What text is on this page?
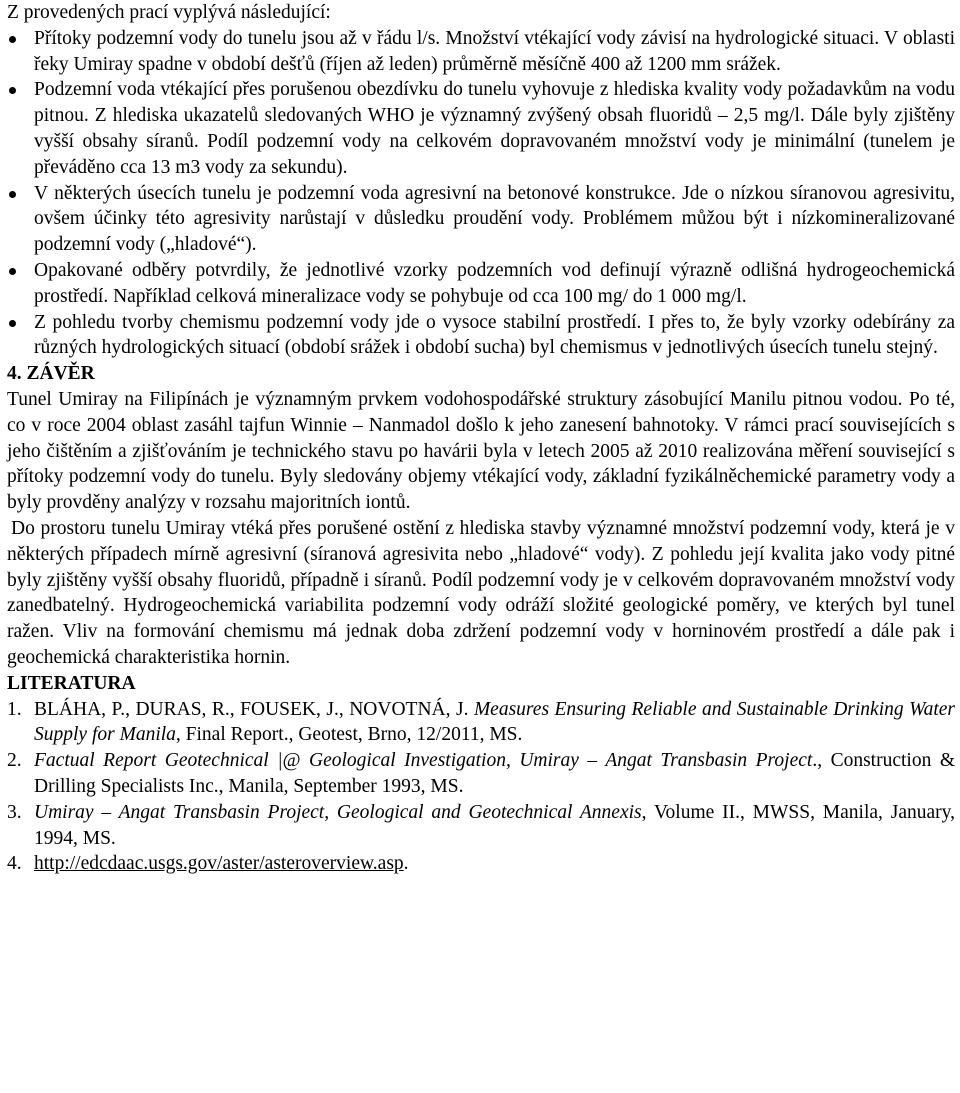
Z provedených prací vyplývá následující:

Přítoky podzemní vody do tunelu jsou až v řádu l/s. Množství vtékající vody závisí na hydrologické situaci. V oblasti řeky Umiray spadne v období dešťů (říjen až leden) průměrně měsíčně 400 až 1200 mm srážek.
Podzemní voda vtékající přes porušenou obezdívku do tunelu vyhovuje z hlediska kvality vody požadavkům na vodu pitnou. Z hlediska ukazatelů sledovaných WHO je významný zvýšený obsah fluoridů – 2,5 mg/l. Dále byly zjištěny vyšší obsahy síranů. Podíl podzemní vody na celkovém dopravovaném množství vody je minimální (tunelem je převáděno cca 13 m3 vody za sekundu).
V některých úsecích tunelu je podzemní voda agresivní na betonové konstrukce. Jde o nízkou síranovou agresivitu, ovšem účinky této agresivity narůstají v důsledku proudění vody. Problémem můžou být i nízkomineralizované podzemní vody („hladové“).
Opakované odběry potvrdily, že jednotlivé vzorky podzemních vod definují výrazně odlišná hydrogeochemická prostředí. Například celková mineralizace vody se pohybuje od cca 100 mg/ do 1 000 mg/l.
Z pohledu tvorby chemismu podzemní vody jde o vysoce stabilní prostředí. I přes to, že byly vzorky odebírány za různých hydrologických situací (období srážek i období sucha) byl chemismus v jednotlivých úsecích tunelu stejný.
4. ZÁVĚR

Tunel Umiray na Filipínách je významným prvkem vodohospodářské struktury zásobující Manilu pitnou vodou. Po té, co v roce 2004 oblast zasáhl tajfun Winnie – Nanmadol došlo k jeho zanesení bahnotoky. V rámci prací souvisejících s jeho čištěním a zjišťováním je technického stavu po havárii byla v letech 2005 až 2010 realizována měření související s přítoky podzemní vody do tunelu. Byly sledovány objemy vtékající vody, základní fyzikálněchemické parametry vody a byly provděny analýzy v rozsahu majoritních iontů.

Do prostoru tunelu Umiray vtéká přes porušené ostění z hlediska stavby významné množství podzemní vody, která je v některých případech mírně agresivní (síranová agresivita nebo „hladové“ vody). Z pohledu její kvalita jako vody pitné byly zjištěny vyšší obsahy fluoridů, případně i síranů. Podíl podzemní vody je v celkovém dopravovaném množství vody zanedbatelný. Hydrogeochemická variabilita podzemní vody odráží složité geologické poměry, ve kterých byl tunel ražen. Vliv na formování chemismu má jednak doba zdržení podzemní vody v horninovém prostředí a dále pak i geochemická charakteristika hornin.

LITERATURA
1. BLÁHA, P., DURAS, R., FOUSEK, J., NOVOTNÁ, J. Measures Ensuring Reliable and Sustainable Drinking Water Supply for Manila, Final Report., Geotest, Brno, 12/2011, MS.
2. Factual Report Geotechnical |@ Geological Investigation, Umiray – Angat Transbasin Project., Construction & Drilling Specialists Inc., Manila, September 1993, MS.
3. Umiray – Angat Transbasin Project, Geological and Geotechnical Annexis, Volume II., MWSS, Manila, January, 1994, MS.
4. http://edcdaac.usgs.gov/aster/asteroverview.asp.
